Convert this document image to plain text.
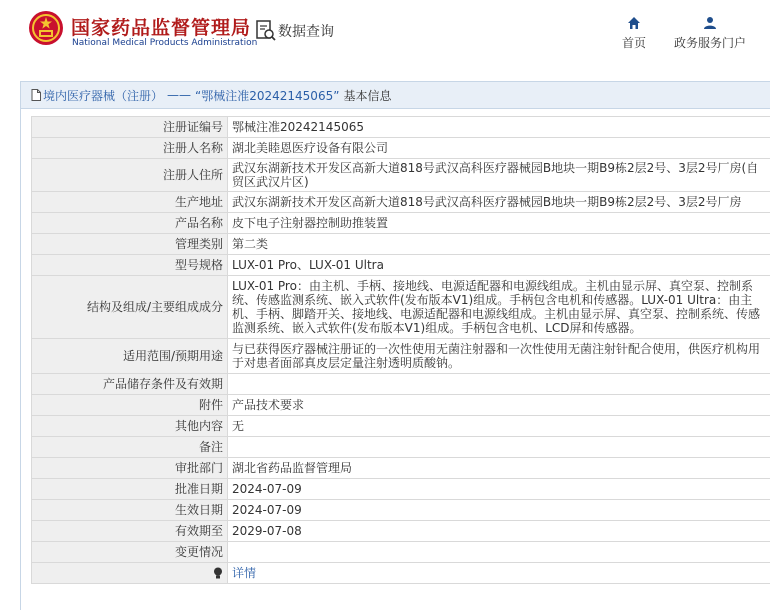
国家药品监督管理局
National Medical Products Administration
数据查询
首页 政务服务门户
境内医疗器械（注册） —— “鄂械注准20242145065” 基本信息
注册证编号	鄂械注准20242145065
注册人名称	湖北美睦恩医疗设备有限公司
注册人住所	武汉东湖新技术开发区高新大道818号武汉高科医疗器械园B地块一期B9栋2层2号、3层2号厂房(自贸区武汉片区)
生产地址	武汉东湖新技术开发区高新大道818号武汉高科医疗器械园B地块一期B9栋2层2号、3层2号厂房
产品名称	皮下电子注射器控制助推装置
管理类别	第二类
型号规格	LUX-01 Pro、LUX-01 Ultra
结构及组成/主要组成成分	LUX-01 Pro：由主机、手柄、接地线、电源适配器和电源线组成。主机由显示屏、真空泵、控制系统、传感监测系统、嵌入式软件(发布版本V1)组成。手柄包含电机和传感器。LUX-01 Ultra：由主机、手柄、脚踏开关、接地线、电源适配器和电源线组成。主机由显示屏、真空泵、控制系统、传感监测系统、嵌入式软件(发布版本V1)组成。手柄包含电机、LCD屏和传感器。
适用范围/预期用途	与已获得医疗器械注册证的一次性使用无菌注射器和一次性使用无菌注射针配合使用，供医疗机构用于对患者面部真皮层定量注射透明质酸钠。
产品储存条件及有效期	
附件	产品技术要求
其他内容	无
备注	
审批部门	湖北省药品监督管理局
批准日期	2024-07-09
生效日期	2024-07-09
有效期至	2029-07-08
变更情况	
	详情
